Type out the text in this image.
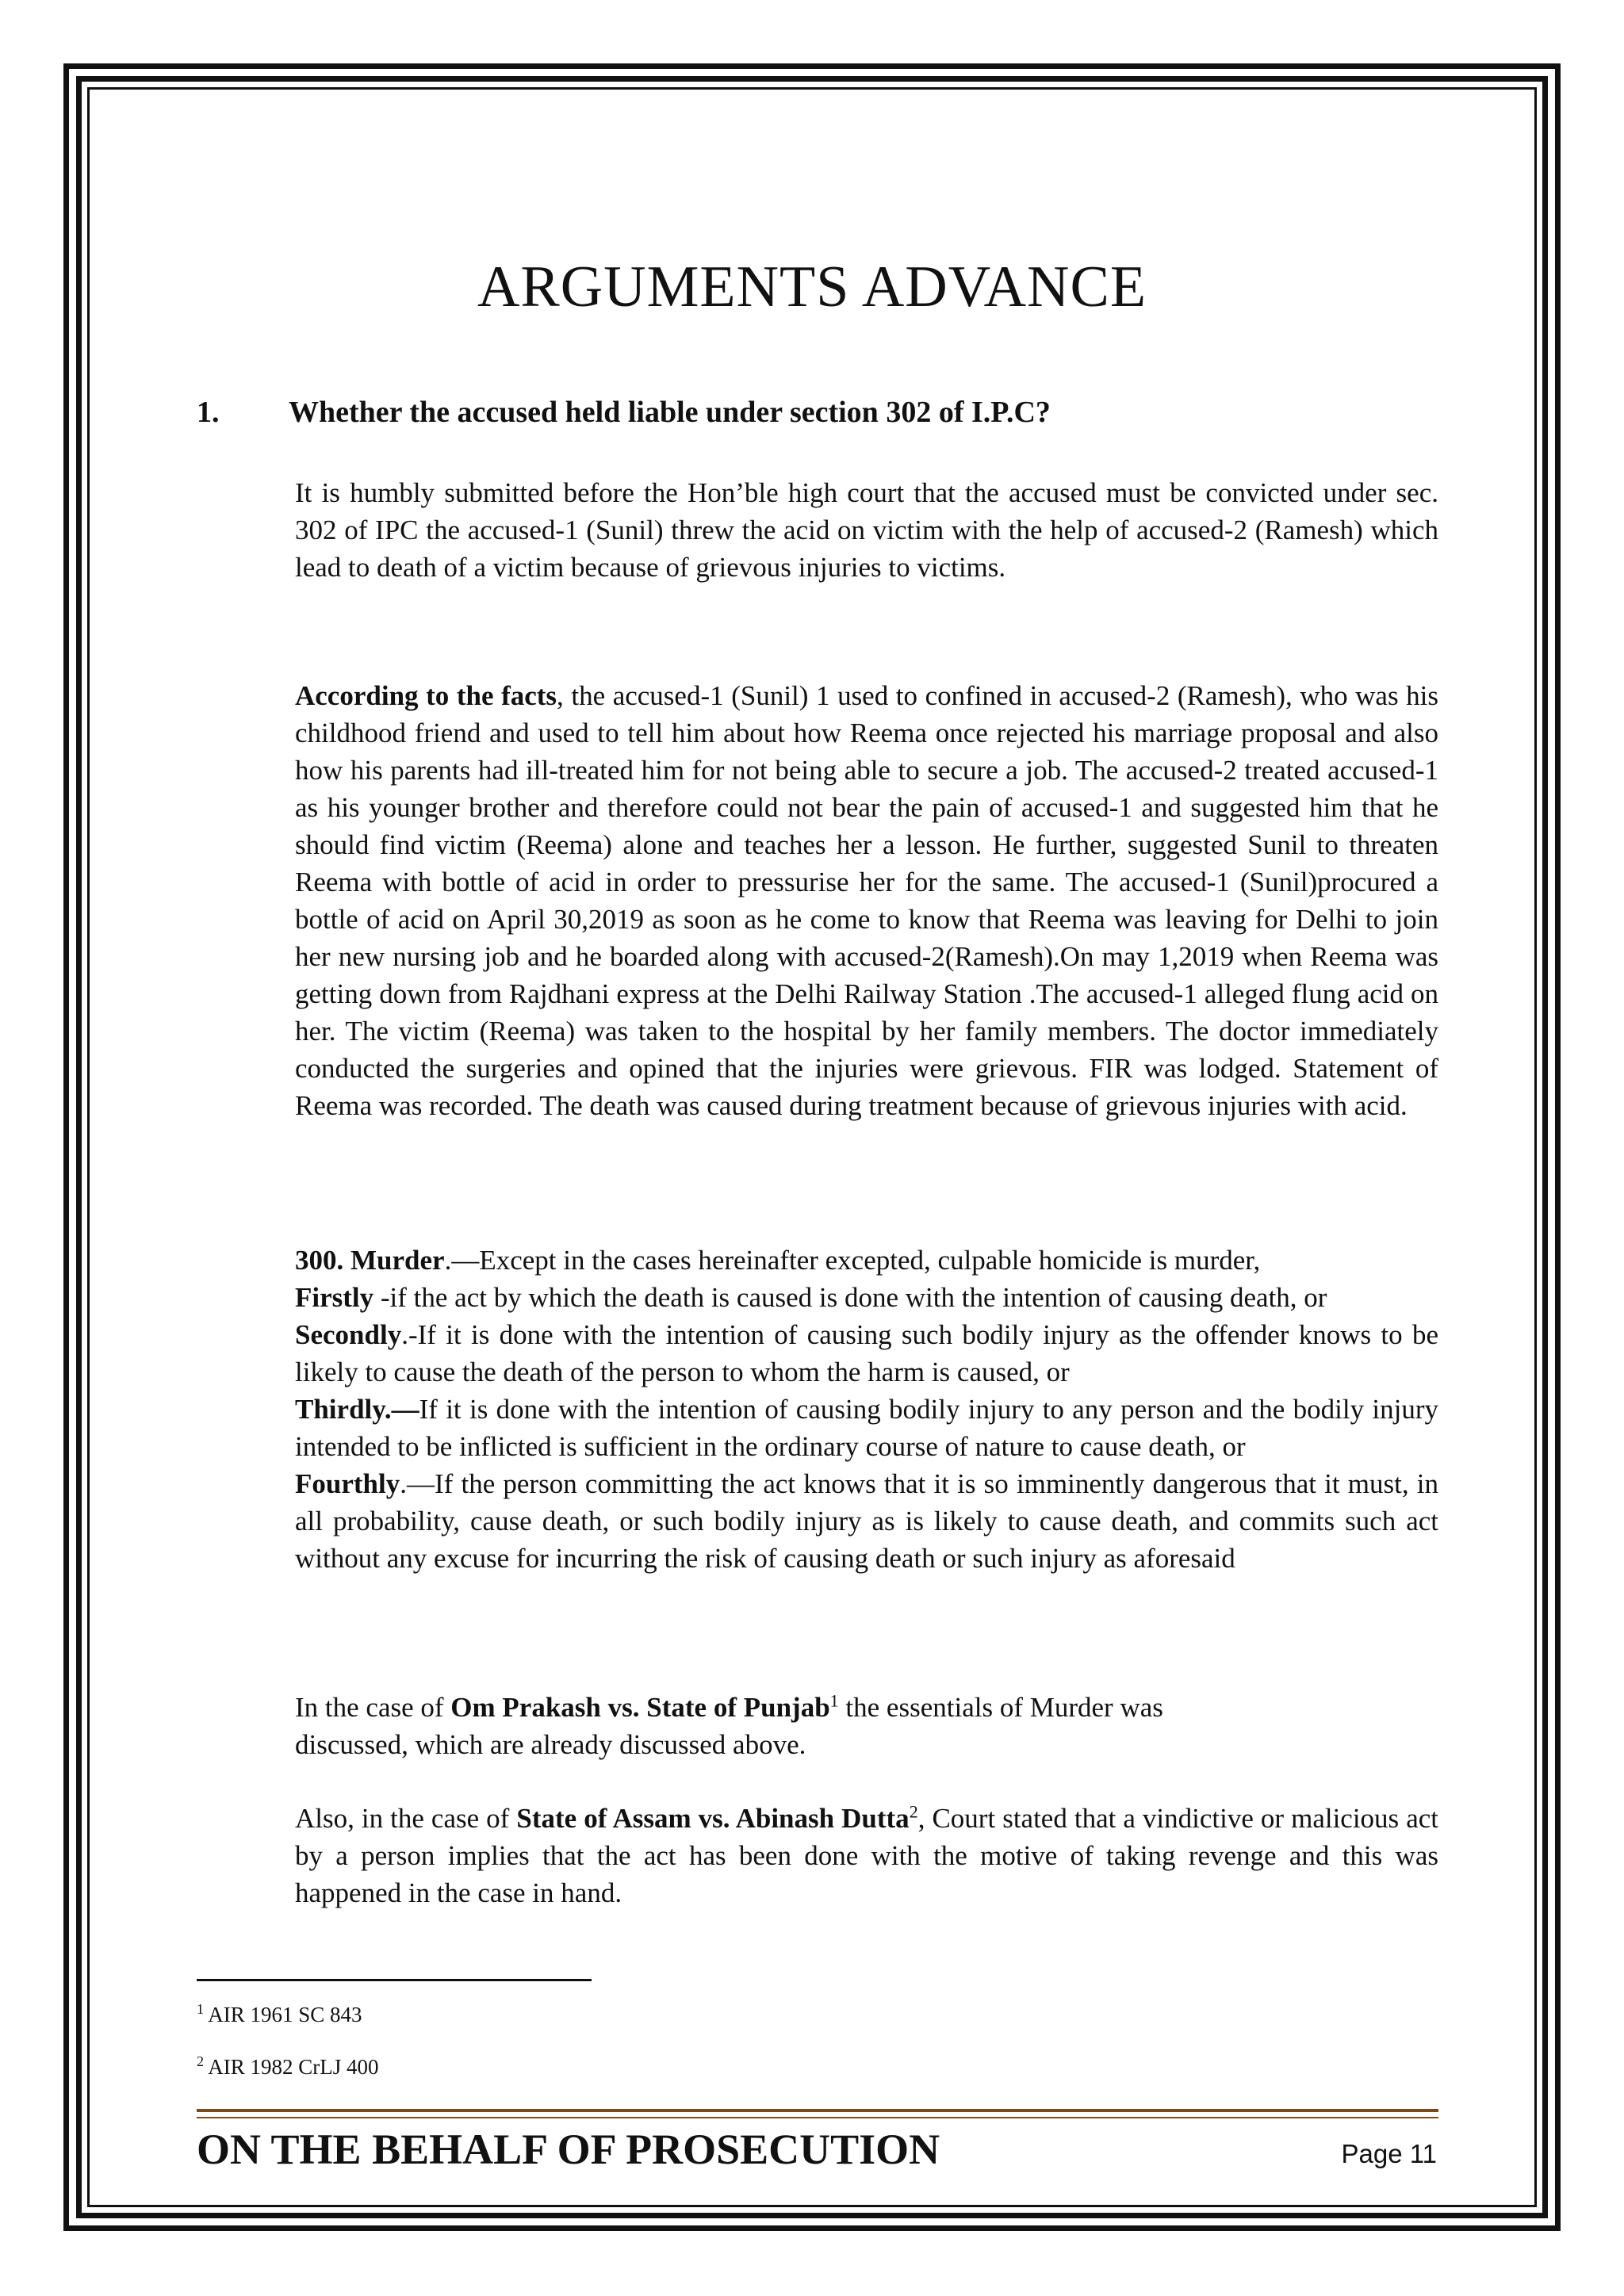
ARGUMENTS ADVANCE

1. Whether the accused held liable under section 302 of I.P.C?

It is humbly submitted before the Hon’ble high court that the accused must be convicted under sec. 302 of IPC the accused-1 (Sunil) threw the acid on victim with the help of accused-2 (Ramesh) which lead to death of a victim because of grievous injuries to victims.

According to the facts, the accused-1 (Sunil) 1 used to confined in accused-2 (Ramesh), who was his childhood friend and used to tell him about how Reema once rejected his marriage proposal and also how his parents had ill-treated him for not being able to secure a job. The accused-2 treated accused-1 as his younger brother and therefore could not bear the pain of accused-1 and suggested him that he should find victim (Reema) alone and teaches her a lesson. He further, suggested Sunil to threaten Reema with bottle of acid in order to pressurise her for the same. The accused-1 (Sunil)procured a bottle of acid on April 30,2019 as soon as he come to know that Reema was leaving for Delhi to join her new nursing job and he boarded along with accused-2(Ramesh).On may 1,2019 when Reema was getting down from Rajdhani express at the Delhi Railway Station .The accused-1 alleged flung acid on her. The victim (Reema) was taken to the hospital by her family members. The doctor immediately conducted the surgeries and opined that the injuries were grievous. FIR was lodged. Statement of Reema was recorded. The death was caused during treatment because of grievous injuries with acid.

300. Murder.—Except in the cases hereinafter excepted, culpable homicide is murder,
Firstly -if the act by which the death is caused is done with the intention of causing death, or
Secondly.-If it is done with the intention of causing such bodily injury as the offender knows to be likely to cause the death of the person to whom the harm is caused, or
Thirdly.—If it is done with the intention of causing bodily injury to any person and the bodily injury intended to be inflicted is sufficient in the ordinary course of nature to cause death, or
Fourthly.—If the person committing the act knows that it is so imminently dangerous that it must, in all probability, cause death, or such bodily injury as is likely to cause death, and commits such act without any excuse for incurring the risk of causing death or such injury as aforesaid
In the case of Om Prakash vs. State of Punjab$^1$ the essentials of Murder was
discussed, which are already discussed above.

Also, in the case of State of Assam vs. Abinash Dutta$^2$, Court stated that a vindictive or malicious act by a person implies that the act has been done with the motive of taking revenge and this was happened in the case in hand.

$^1$ AIR 1961 SC 843

$^2$ AIR 1982 CrLJ 400

ON THE BEHALF OF PROSECUTION	Page 11
